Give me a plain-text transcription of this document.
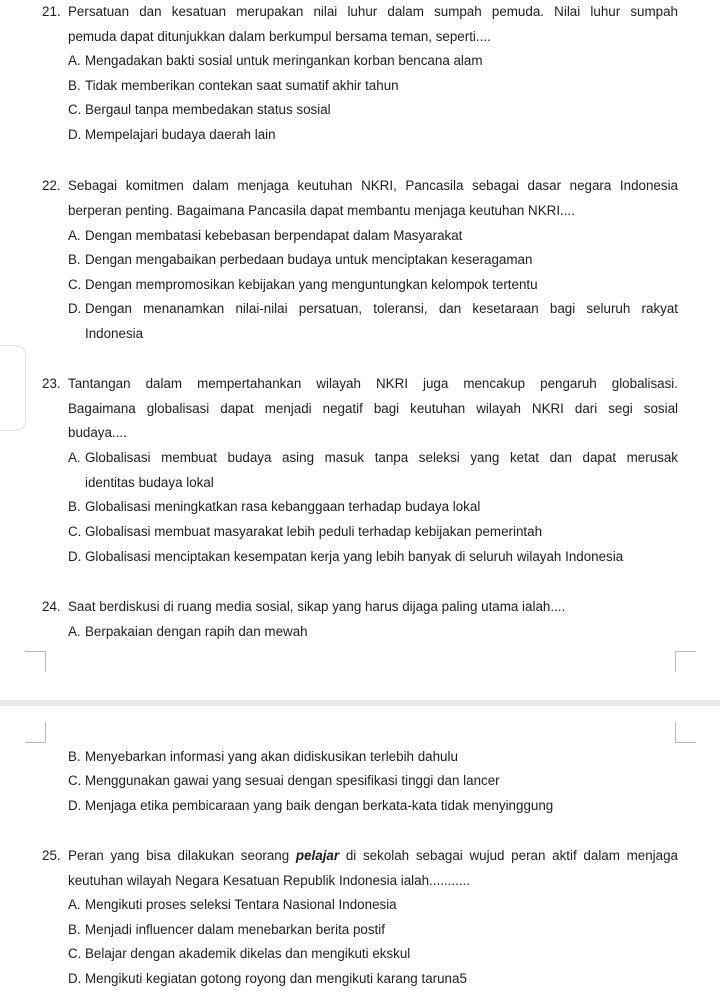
21. Persatuan dan kesatuan merupakan nilai luhur dalam sumpah pemuda. Nilai luhur sumpah
pemuda dapat ditunjukkan dalam berkumpul bersama teman, seperti....
A. Mengadakan bakti sosial untuk meringankan korban bencana alam
B. Tidak memberikan contekan saat sumatif akhir tahun
C. Bergaul tanpa membedakan status sosial
D. Mempelajari budaya daerah lain
22. Sebagai komitmen dalam menjaga keutuhan NKRI, Pancasila sebagai dasar negara Indonesia
berperan penting. Bagaimana Pancasila dapat membantu menjaga keutuhan NKRI....
A. Dengan membatasi kebebasan berpendapat dalam Masyarakat
B. Dengan mengabaikan perbedaan budaya untuk menciptakan keseragaman
C. Dengan mempromosikan kebijakan yang menguntungkan kelompok tertentu
D. Dengan menanamkan nilai-nilai persatuan, toleransi, dan kesetaraan bagi seluruh rakyat
Indonesia
23. Tantangan dalam mempertahankan wilayah NKRI juga mencakup pengaruh globalisasi.
Bagaimana globalisasi dapat menjadi negatif bagi keutuhan wilayah NKRI dari segi sosial
budaya....
A. Globalisasi membuat budaya asing masuk tanpa seleksi yang ketat dan dapat merusak
identitas budaya lokal
B. Globalisasi meningkatkan rasa kebanggaan terhadap budaya lokal
C. Globalisasi membuat masyarakat lebih peduli terhadap kebijakan pemerintah
D. Globalisasi menciptakan kesempatan kerja yang lebih banyak di seluruh wilayah Indonesia
24. Saat berdiskusi di ruang media sosial, sikap yang harus dijaga paling utama ialah....
A. Berpakaian dengan rapih dan mewah
B. Menyebarkan informasi yang akan didiskusikan terlebih dahulu
C. Menggunakan gawai yang sesuai dengan spesifikasi tinggi dan lancer
D. Menjaga etika pembicaraan yang baik dengan berkata-kata tidak menyinggung
25. Peran yang bisa dilakukan seorang pelajar di sekolah sebagai wujud peran aktif dalam menjaga
keutuhan wilayah Negara Kesatuan Republik Indonesia ialah...........
A. Mengikuti proses seleksi Tentara Nasional Indonesia
B. Menjadi influencer dalam menebarkan berita postif
C. Belajar dengan akademik dikelas dan mengikuti ekskul
D. Mengikuti kegiatan gotong royong dan mengikuti karang taruna5
